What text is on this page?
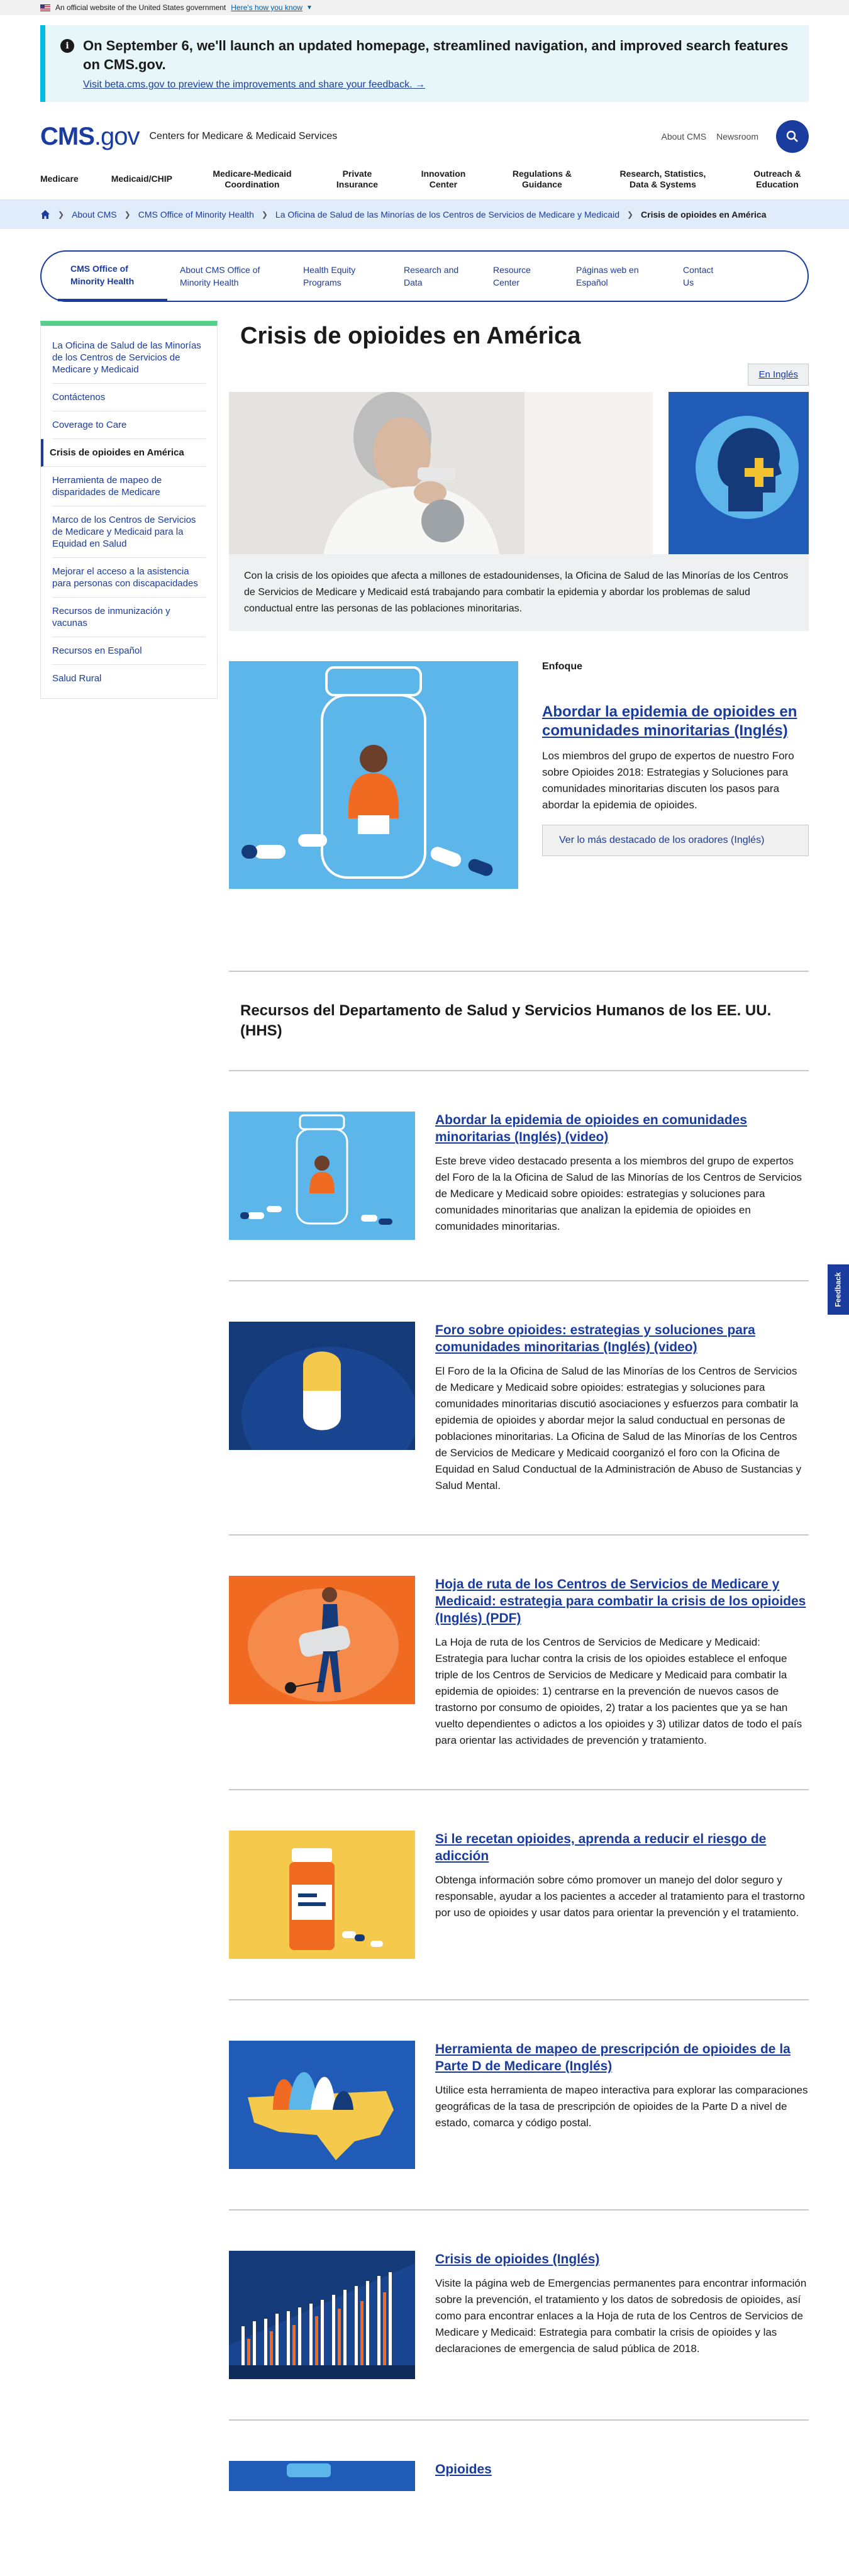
An official website of the United States government Here's how you know ▼
i	On September 6, we'll launch an updated homepage, streamlined navigation, and improved search features on CMS.gov.
Visit beta.cms.gov to preview the improvements and share your feedback. →
CMS.gov Centers for Medicare & Medicaid Services	About CMS Newsroom
Medicare	Medicaid/CHIP
Medicare-Medicaid Coordination
Private Insurance
Innovation Center
Regulations & Guidance
Research, Statistics, Data & Systems
Outreach & Education
❯ About CMS ❯ CMS Office of Minority Health ❯ La Oficina de Salud de las Minorías de los Centros de Servicios de Medicare y Medicaid ❯ Crisis de opioides en América
CMS Office of Minority Health
About CMS Office of Minority Health
Health Equity Programs
Research and Data
Resource Center
Páginas web en Español
Contact Us
La Oficina de Salud de las Minorías de los Centros de Servicios de Medicare y Medicaid
Contáctenos
Coverage to Care
Crisis de opioides en América
Herramienta de mapeo de disparidades de Medicare
Marco de los Centros de Servicios de Medicare y Medicaid para la Equidad en Salud
Mejorar el acceso a la asistencia para personas con discapacidades
Recursos de inmunización y vacunas
Recursos en Español
Salud Rural
Crisis de opioides en América
En Inglés
Con la crisis de los opioides que afecta a millones de estadounidenses, la Oficina de Salud de las Minorías de los Centros de Servicios de Medicare y Medicaid está trabajando para combatir la epidemia y abordar los problemas de salud conductual entre las personas de las poblaciones minoritarias.
Enfoque
Abordar la epidemia de opioides en comunidades minoritarias (Inglés)
Los miembros del grupo de expertos de nuestro Foro sobre Opioides 2018: Estrategias y Soluciones para comunidades minoritarias discuten los pasos para abordar la epidemia de opioides.
Ver lo más destacado de los oradores (Inglés)
Recursos del Departamento de Salud y Servicios Humanos de los EE. UU. (HHS)
Abordar la epidemia de opioides en comunidades minoritarias (Inglés) (video)
Este breve video destacado presenta a los miembros del grupo de expertos del Foro de la la Oficina de Salud de las Minorías de los Centros de Servicios de Medicare y Medicaid sobre opioides: estrategias y soluciones para comunidades minoritarias que analizan la epidemia de opioides en comunidades minoritarias.
Foro sobre opioides: estrategias y soluciones para comunidades minoritarias (Inglés) (video)
El Foro de la la Oficina de Salud de las Minorías de los Centros de Servicios de Medicare y Medicaid sobre opioides: estrategias y soluciones para comunidades minoritarias discutió asociaciones y esfuerzos para combatir la epidemia de opioides y abordar mejor la salud conductual en personas de poblaciones minoritarias. La Oficina de Salud de las Minorías de los Centros de Servicios de Medicare y Medicaid coorganizó el foro con la Oficina de Equidad en Salud Conductual de la Administración de Abuso de Sustancias y Salud Mental.
Hoja de ruta de los Centros de Servicios de Medicare y Medicaid: estrategia para combatir la crisis de los opioides (Inglés) (PDF)
La Hoja de ruta de los Centros de Servicios de Medicare y Medicaid: Estrategia para luchar contra la crisis de los opioides establece el enfoque triple de los Centros de Servicios de Medicare y Medicaid para combatir la epidemia de opioides: 1) centrarse en la prevención de nuevos casos de trastorno por consumo de opioides, 2) tratar a los pacientes que ya se han vuelto dependientes o adictos a los opioides y 3) utilizar datos de todo el país para orientar las actividades de prevención y tratamiento.
Si le recetan opioides, aprenda a reducir el riesgo de adicción
Obtenga información sobre cómo promover un manejo del dolor seguro y responsable, ayudar a los pacientes a acceder al tratamiento para el trastorno por uso de opioides y usar datos para orientar la prevención y el tratamiento.
Herramienta de mapeo de prescripción de opioides de la Parte D de Medicare (Inglés)
Utilice esta herramienta de mapeo interactiva para explorar las comparaciones geográficas de la tasa de prescripción de opioides de la Parte D a nivel de estado, comarca y código postal.
Crisis de opioides (Inglés)
Visite la página web de Emergencias permanentes para encontrar información sobre la prevención, el tratamiento y los datos de sobredosis de opioides, así como para encontrar enlaces a la Hoja de ruta de los Centros de Servicios de Medicare y Medicaid: Estrategia para combatir la crisis de opioides y las declaraciones de emergencia de salud pública de 2018.
Opioides
Feedback
